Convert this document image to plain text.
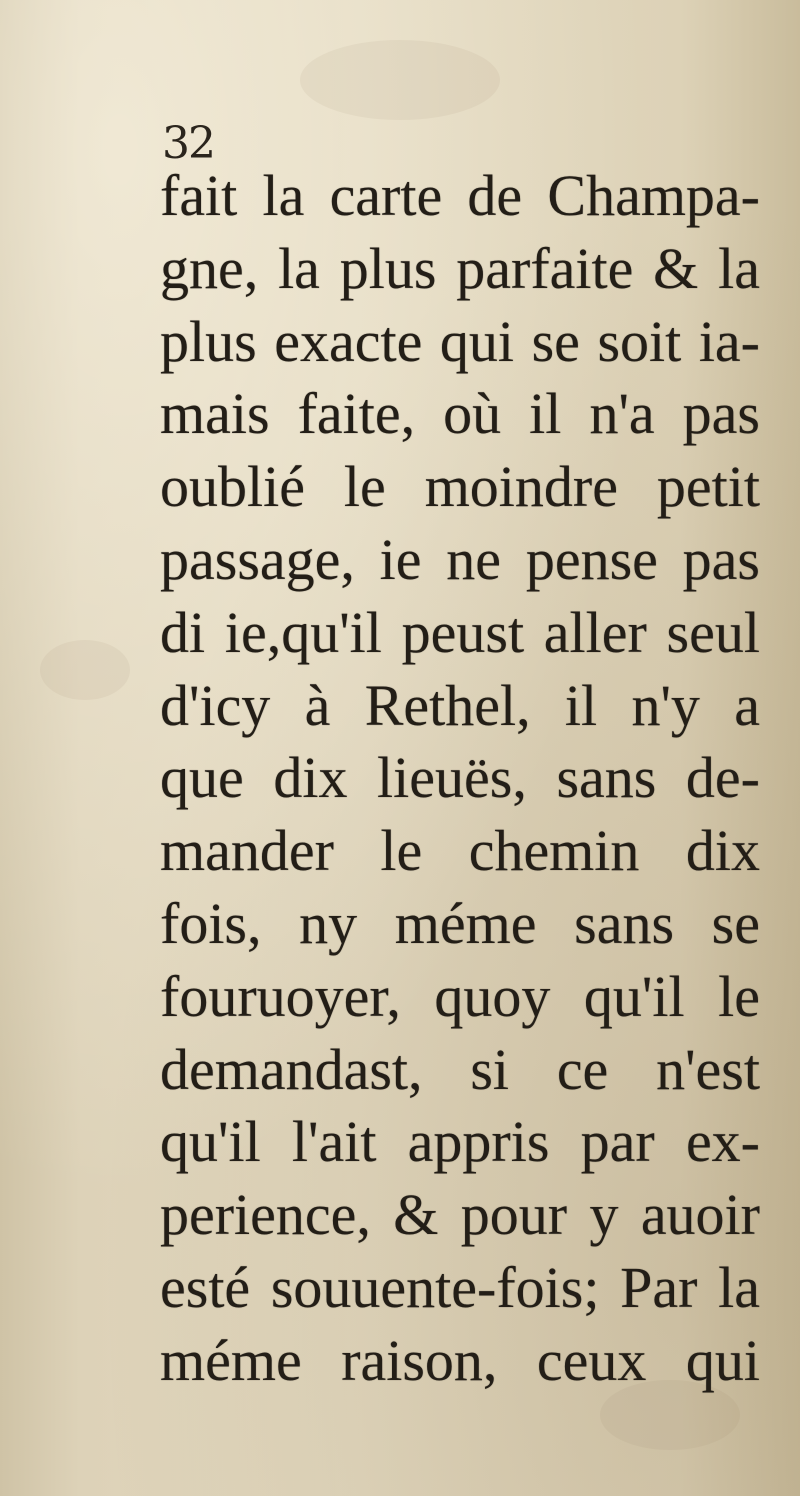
32
fait la carte de Champa-
gne, la plus parfaite & la
plus exacte qui se soit ia-
mais faite, où il n'a pas
oublié le moindre petit
passage, ie ne pense pas
di ie,qu'il peust aller seul
d'icy à Rethel, il n'y a
que dix lieuës, sans de-
mander le chemin dix
fois, ny méme sans se
fouruoyer, quoy qu'il le
demandast, si ce n'est
qu'il l'ait appris par ex-
perience, & pour y auoir
esté souuente-fois; Par la
méme raison, ceux qui
